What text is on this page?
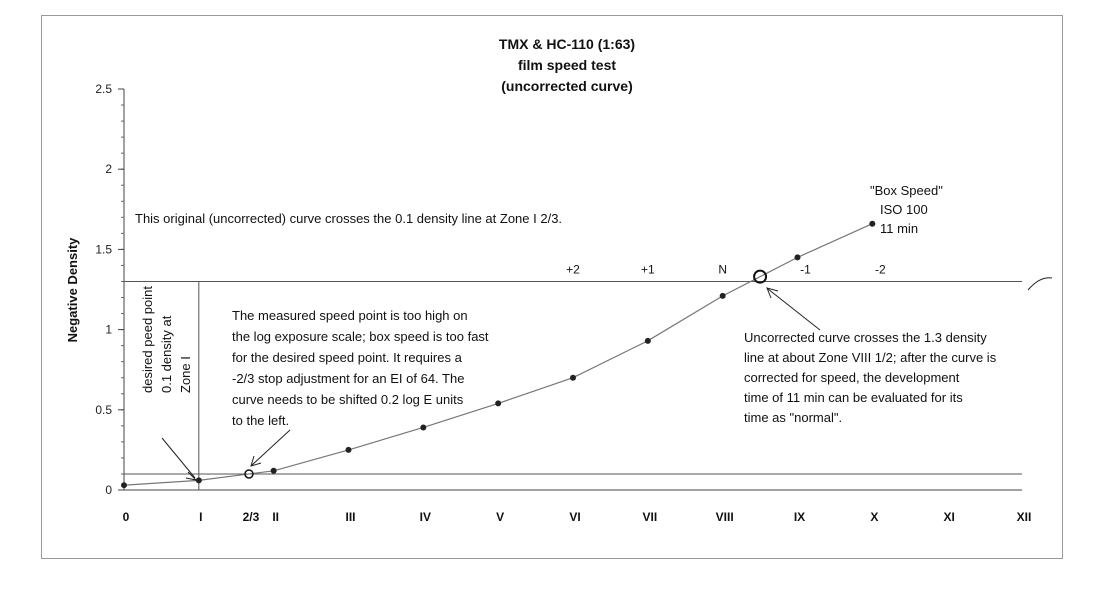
TMX & HC-110 (1:63)
film speed test
(uncorrected curve)
Negative Density
0
0.5
1
1.5
2
2.5
0	I	2/3 II	III	IV	V	VI	VII	VIII	IX	X	XI	XII
+2	+1	N	-1	-2
This original (uncorrected) curve crosses the 0.1 density line at Zone I 2/3.
"Box Speed"
ISO 100
11 min
desired peed point 0.1 density at Zone I
The measured speed point is too high on
the log exposure scale; box speed is too fast
for the desired speed point. It requires a
-2/3 stop adjustment for an EI of 64. The
curve needs to be shifted 0.2 log E units
to the left.
Uncorrected curve crosses the 1.3 density
line at about Zone VIII 1/2; after the curve is
corrected for speed, the development
time of 11 min can be evaluated for its
time as "normal".
